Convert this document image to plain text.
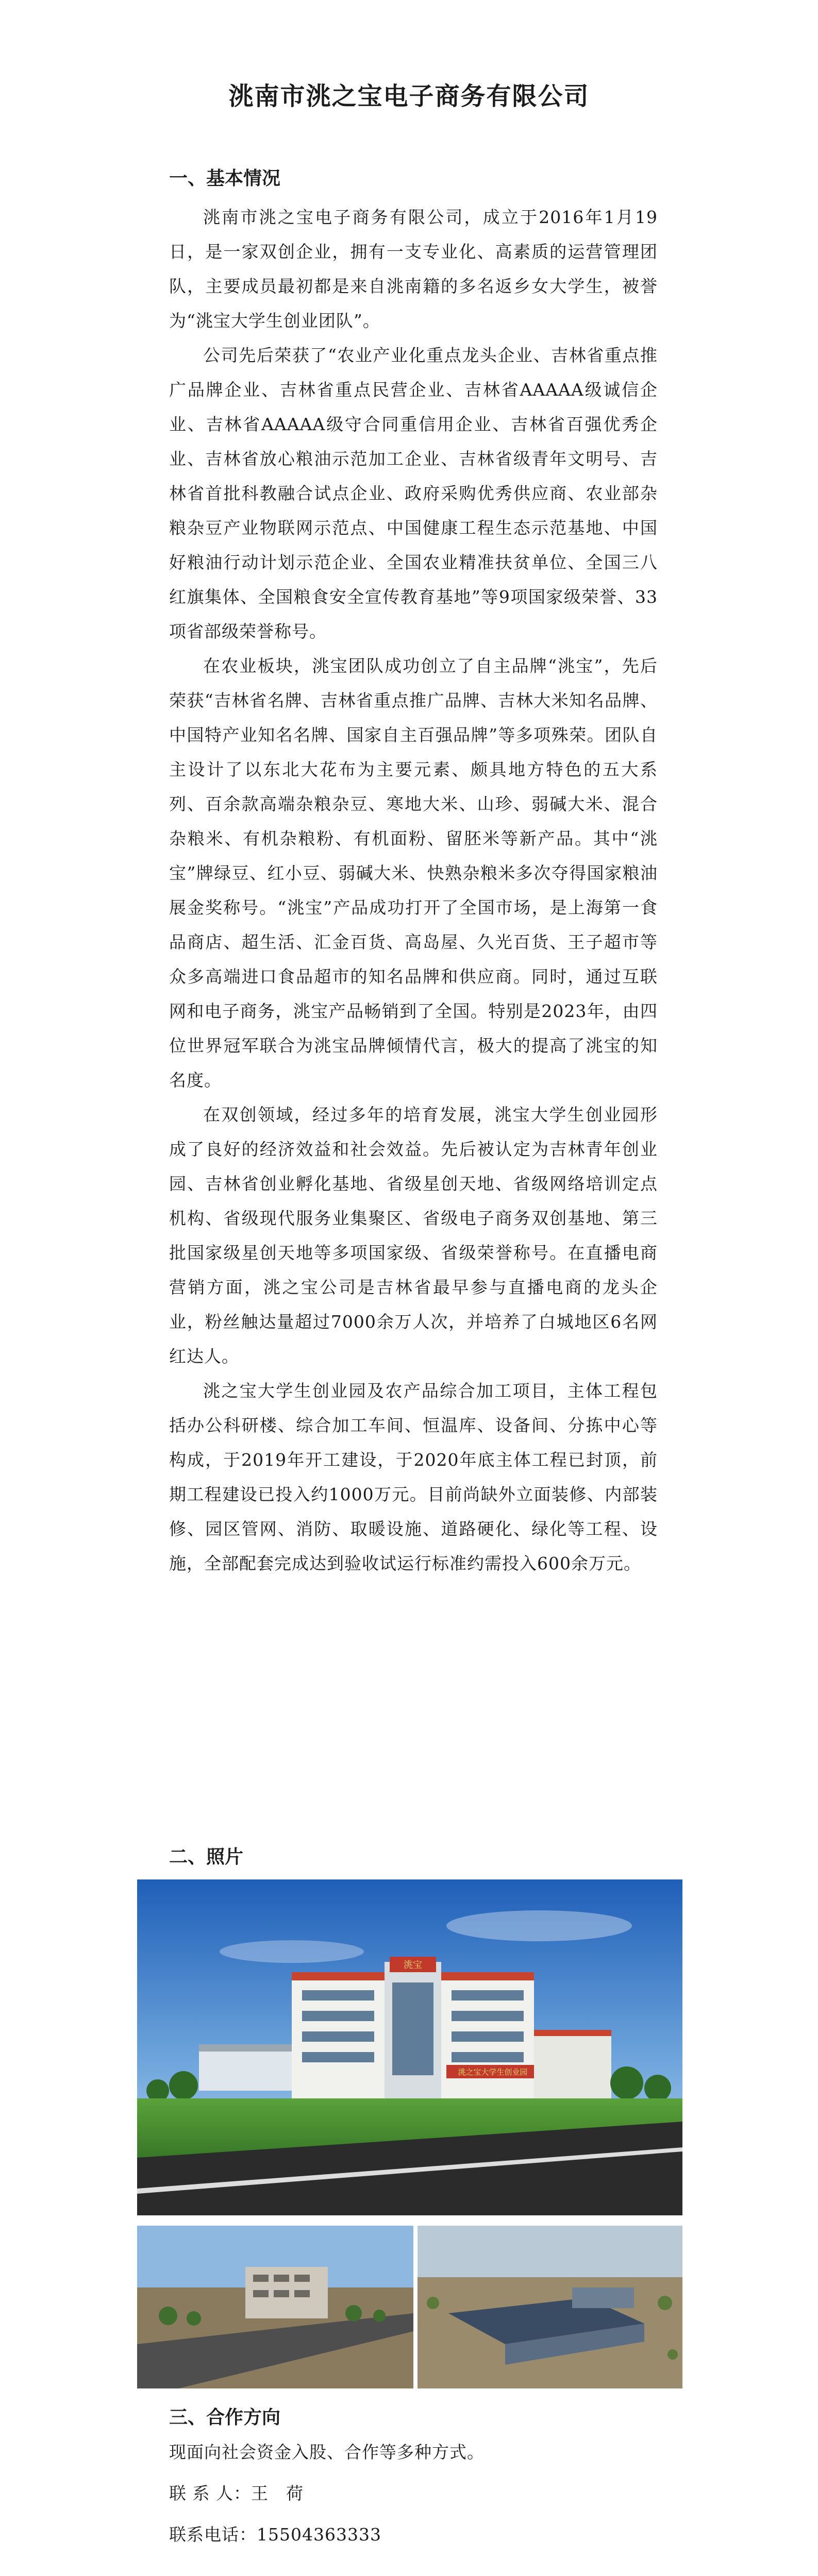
洮南市洮之宝电子商务有限公司
一、基本情况

洮南市洮之宝电子商务有限公司，成立于2016年1月19日，是一家双创企业，拥有一支专业化、高素质的运营管理团队，主要成员最初都是来自洮南籍的多名返乡女大学生，被誉为“洮宝大学生创业团队”。

公司先后荣获了“农业产业化重点龙头企业、吉林省重点推广品牌企业、吉林省重点民营企业、吉林省AAAAA级诚信企业、吉林省AAAAA级守合同重信用企业、吉林省百强优秀企业、吉林省放心粮油示范加工企业、吉林省级青年文明号、吉林省首批科教融合试点企业、政府采购优秀供应商、农业部杂粮杂豆产业物联网示范点、中国健康工程生态示范基地、中国好粮油行动计划示范企业、全国农业精准扶贫单位、全国三八红旗集体、全国粮食安全宣传教育基地”等9项国家级荣誉、33项省部级荣誉称号。

在农业板块，洮宝团队成功创立了自主品牌“洮宝”，先后荣获“吉林省名牌、吉林省重点推广品牌、吉林大米知名品牌、中国特产业知名名牌、国家自主百强品牌”等多项殊荣。团队自主设计了以东北大花布为主要元素、颇具地方特色的五大系列、百余款高端杂粮杂豆、寒地大米、山珍、弱碱大米、混合杂粮米、有机杂粮粉、有机面粉、留胚米等新产品。其中“洮宝”牌绿豆、红小豆、弱碱大米、快熟杂粮米多次夺得国家粮油展金奖称号。“洮宝”产品成功打开了全国市场，是上海第一食品商店、超生活、汇金百货、高岛屋、久光百货、王子超市等众多高端进口食品超市的知名品牌和供应商。同时，通过互联网和电子商务，洮宝产品畅销到了全国。特别是2023年，由四位世界冠军联合为洮宝品牌倾情代言，极大的提高了洮宝的知名度。

在双创领域，经过多年的培育发展，洮宝大学生创业园形成了良好的经济效益和社会效益。先后被认定为吉林青年创业园、吉林省创业孵化基地、省级星创天地、省级网络培训定点机构、省级现代服务业集聚区、省级电子商务双创基地、第三批国家级星创天地等多项国家级、省级荣誉称号。在直播电商营销方面，洮之宝公司是吉林省最早参与直播电商的龙头企业，粉丝触达量超过7000余万人次，并培养了白城地区6名网红达人。

洮之宝大学生创业园及农产品综合加工项目，主体工程包括办公科研楼、综合加工车间、恒温库、设备间、分拣中心等构成，于2019年开工建设，于2020年底主体工程已封顶，前期工程建设已投入约1000万元。目前尚缺外立面装修、内部装修、园区管网、消防、取暖设施、道路硬化、绿化等工程、设施，全部配套完成达到验收试运行标准约需投入600余万元。

二、照片
洮宝
洮之宝大学生创业园
三、合作方向

现面向社会资金入股、合作等多种方式。

联 系 人：王　荷

联系电话：15504363333
